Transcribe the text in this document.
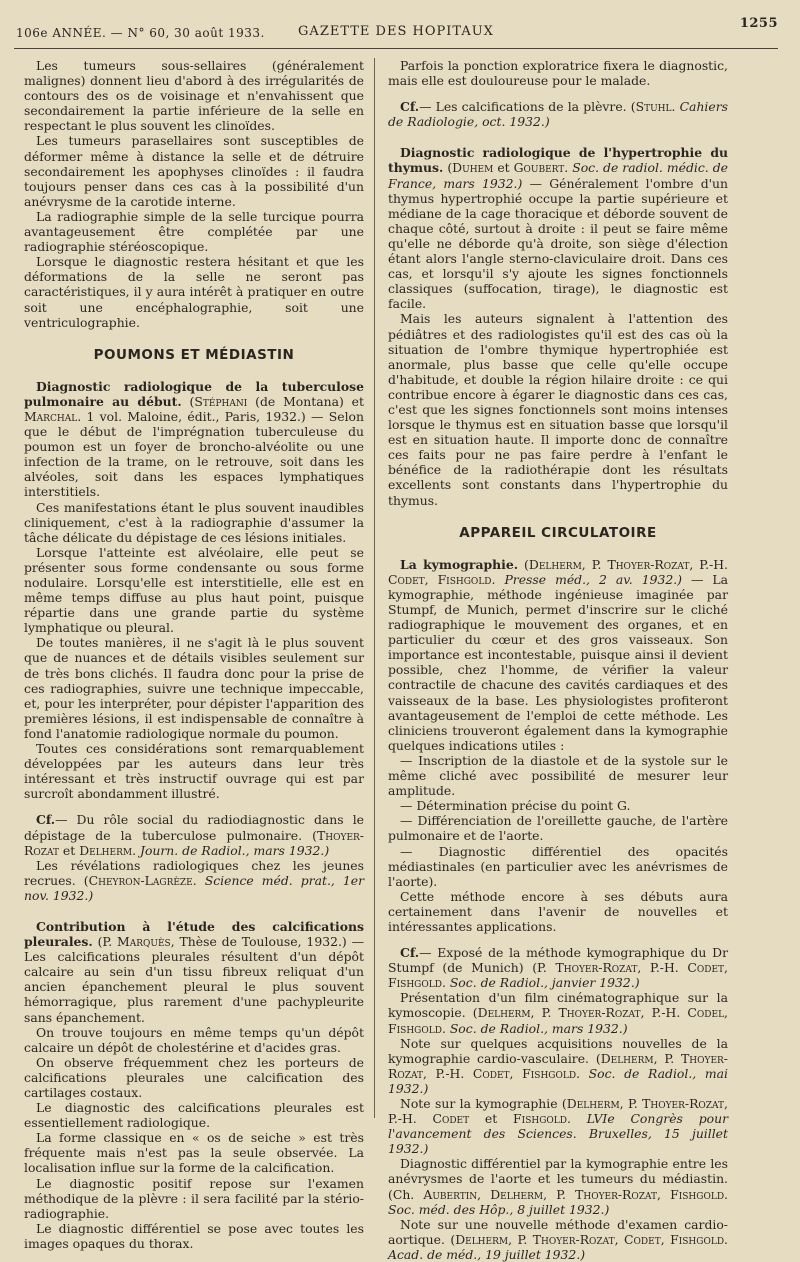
106e ANNÉE. — N° 60, 30 août 1933.	GAZETTE DES HOPITAUX
1255

Les tumeurs sous-sellaires (généralement malignes) donnent lieu d'abord à des irrégularités de contours des os de voisinage et n'envahissent que secondairement la partie inférieure de la selle en respectant le plus souvent les clinoïdes.

Les tumeurs parasellaires sont susceptibles de déformer même à distance la selle et de détruire secondairement les apophyses clinoïdes : il faudra toujours penser dans ces cas à la possibilité d'un anévrysme de la carotide interne.

La radiographie simple de la selle turcique pourra avantageusement être complétée par une radiographie stéréoscopique.

Lorsque le diagnostic restera hésitant et que les déformations de la selle ne seront pas caractéristiques, il y aura intérêt à pratiquer en outre soit une encéphalographie, soit une ventriculographie.

POUMONS ET MÉDIASTIN

Diagnostic radiologique de la tuberculose pulmonaire au début. (Stéphani (de Montana) et Marchal. 1 vol. Maloine, édit., Paris, 1932.) — Selon que le début de l'imprégnation tuberculeuse du poumon est un foyer de broncho-alvéolite ou une infection de la trame, on le retrouve, soit dans les alvéoles, soit dans les espaces lymphatiques interstitiels.

Ces manifestations étant le plus souvent inaudibles cliniquement, c'est à la radiographie d'assumer la tâche délicate du dépistage de ces lésions initiales.

Lorsque l'atteinte est alvéolaire, elle peut se présenter sous forme condensante ou sous forme nodulaire. Lorsqu'elle est interstitielle, elle est en même temps diffuse au plus haut point, puisque répartie dans une grande partie du système lymphatique ou pleural.

De toutes manières, il ne s'agit là le plus souvent que de nuances et de détails visibles seulement sur de très bons clichés. Il faudra donc pour la prise de ces radiographies, suivre une technique impeccable, et, pour les interpréter, pour dépister l'apparition des premières lésions, il est indispensable de connaître à fond l'anatomie radiologique normale du poumon.

Toutes ces considérations sont remarquablement développées par les auteurs dans leur très intéressant et très instructif ouvrage qui est par surcroît abondamment illustré.

Cf.— Du rôle social du radiodiagnostic dans le dépistage de la tuberculose pulmonaire. (Thoyer-Rozat et Delherm. Journ. de Radiol., mars 1932.)

Les révélations radiologiques chez les jeunes recrues. (Cheyron-Lagrèze. Science méd. prat., 1er nov. 1932.)

Contribution à l'étude des calcifications pleurales. (P. Marquès, Thèse de Toulouse, 1932.) — Les calcifications pleurales résultent d'un dépôt calcaire au sein d'un tissu fibreux reliquat d'un ancien épanchement pleural le plus souvent hémorragique, plus rarement d'une pachypleurite sans épanchement.

On trouve toujours en même temps qu'un dépôt calcaire un dépôt de cholestérine et d'acides gras.

On observe fréquemment chez les porteurs de calcifications pleurales une calcification des cartilages costaux.

Le diagnostic des calcifications pleurales est essentiellement radiologique.

La forme classique en « os de seiche » est très fréquente mais n'est pas la seule observée. La localisation influe sur la forme de la calcification.

Le diagnostic positif repose sur l'examen méthodique de la plèvre : il sera facilité par la stério-radiographie.

Le diagnostic différentiel se pose avec toutes les images opaques du thorax.

Parfois la ponction exploratrice fixera le diagnostic, mais elle est douloureuse pour le malade.

Cf.— Les calcifications de la plèvre. (Stuhl. Cahiers de Radiologie, oct. 1932.)

Diagnostic radiologique de l'hypertrophie du thymus. (Duhem et Goubert. Soc. de radiol. médic. de France, mars 1932.) — Généralement l'ombre d'un thymus hypertrophié occupe la partie supérieure et médiane de la cage thoracique et déborde souvent de chaque côté, surtout à droite : il peut se faire même qu'elle ne déborde qu'à droite, son siège d'élection étant alors l'angle sterno-claviculaire droit. Dans ces cas, et lorsqu'il s'y ajoute les signes fonctionnels classiques (suffocation, tirage), le diagnostic est facile.

Mais les auteurs signalent à l'attention des pédiâtres et des radiologistes qu'il est des cas où la situation de l'ombre thymique hypertrophiée est anormale, plus basse que celle qu'elle occupe d'habitude, et double la région hilaire droite : ce qui contribue encore à égarer le diagnostic dans ces cas, c'est que les signes fonctionnels sont moins intenses lorsque le thymus est en situation basse que lorsqu'il est en situation haute. Il importe donc de connaître ces faits pour ne pas faire perdre à l'enfant le bénéfice de la radiothérapie dont les résultats excellents sont constants dans l'hypertrophie du thymus.

APPAREIL CIRCULATOIRE

La kymographie. (Delherm, P. Thoyer-Rozat, P.-H. Codet, Fishgold. Presse méd., 2 av. 1932.) — La kymographie, méthode ingénieuse imaginée par Stumpf, de Munich, permet d'inscrire sur le cliché radiographique le mouvement des organes, et en particulier du cœur et des gros vaisseaux. Son importance est incontestable, puisque ainsi il devient possible, chez l'homme, de vérifier la valeur contractile de chacune des cavités cardiaques et des vaisseaux de la base. Les physiologistes profiteront avantageusement de l'emploi de cette méthode. Les cliniciens trouveront également dans la kymographie quelques indications utiles :

— Inscription de la diastole et de la systole sur le même cliché avec possibilité de mesurer leur amplitude.

— Détermination précise du point G.

— Différenciation de l'oreillette gauche, de l'artère pulmonaire et de l'aorte.

— Diagnostic différentiel des opacités médiastinales (en particulier avec les anévrismes de l'aorte).

Cette méthode encore à ses débuts aura certainement dans l'avenir de nouvelles et intéressantes applications.

Cf.— Exposé de la méthode kymographique du Dr Stumpf (de Munich) (P. Thoyer-Rozat, P.-H. Codet, Fishgold. Soc. de Radiol., janvier 1932.)

Présentation d'un film cinématographique sur la kymoscopie. (Delherm, P. Thoyer-Rozat, P.-H. Codel, Fishgold. Soc. de Radiol., mars 1932.)

Note sur quelques acquisitions nouvelles de la kymographie cardio-vasculaire. (Delherm, P. Thoyer-Rozat, P.-H. Codet, Fishgold. Soc. de Radiol., mai 1932.)

Note sur la kymographie (Delherm, P. Thoyer-Rozat, P.-H. Codet et Fishgold. LVIe Congrès pour l'avancement des Sciences. Bruxelles, 15 juillet 1932.)

Diagnostic différentiel par la kymographie entre les anévrysmes de l'aorte et les tumeurs du médiastin. (Ch. Aubertin, Delherm, P. Thoyer-Rozat, Fishgold. Soc. méd. des Hôp., 8 juillet 1932.)

Note sur une nouvelle méthode d'examen cardio-aortique. (Delherm, P. Thoyer-Rozat, Codet, Fishgold. Acad. de méd., 19 juillet 1932.)
